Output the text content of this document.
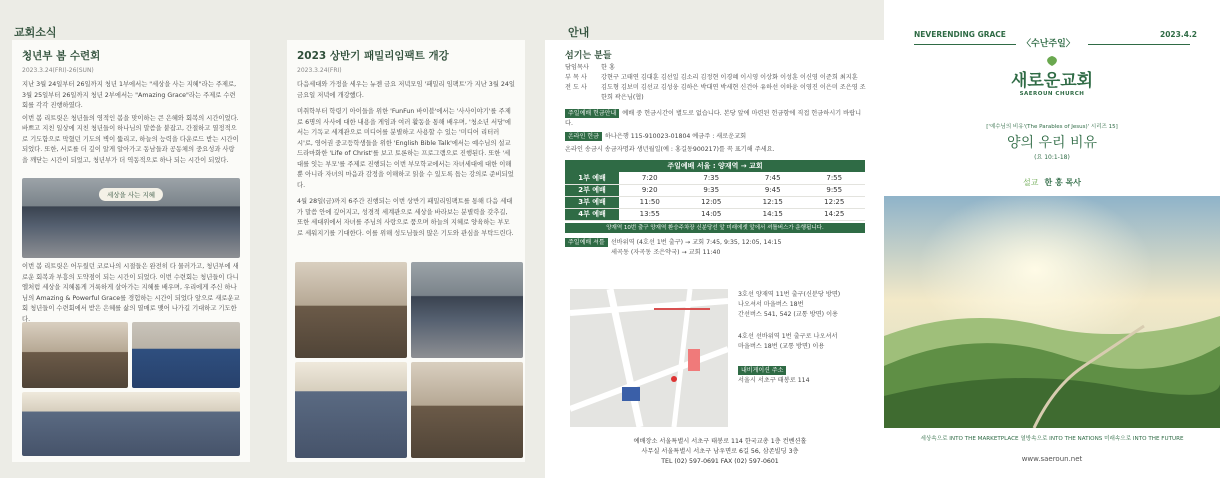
교회소식	안내
청년부 봄 수련회
2023.3.24(FRI)-26(SUN)

지난 3월 24일부터 26일까지 청년 1부에서는 "세상을 사는 지혜"라는 주제로, 3월 25일부터 26일까지 청년 2부에서는 "Amazing Grace"라는 주제로 수련회를 각각 진행하였다.

이번 봄 리트릿은 청년들의 영적인 봄을 맞이하는 큰 은혜와 회복의 시간이었다. 바쁘고 지친 일상에 지친 청년들이 하나님의 말씀을 붙잡고, 간절하고 열정적으로 기도함으로 막혔던 기도의 벽이 뚫리고, 하늘의 능력을 다운로드 받는 시간이 되었다. 또한, 서로를 더 깊이 알게 알아가고 동남들과 공동체의 중요성과 사랑을 깨닫는 시간이 되었고, 청년부가 더 역동적으로 하나 되는 시간이 되었다.

세상을 사는 지혜

이번 봄 리트릿은 어두웠던 코로나의 시절들은 완전히 다 물러가고, 청년부에 새로운 회복과 부흥의 도약점이 되는 시간이 되었다. 이번 수련회는 청년들이 다니엘처럼 세상을 지혜롭게 거룩하게 살아가는 지혜를 배우며, 우리에게 주신 하나님의 Amazing & Powerful Grace를 경험하는 시간이 되었다 앞으로 새로운교회 청년들이 수련회에서 받은 은혜를 삶의 열매로 맺어 나가길 기대하고 기도한다.

2023 상반기 패밀리임팩트 개강
2023.3.24(FRI)

다음세대와 가정을 세우는 뉴젠 금요 저녁모임 '패밀리 임팩트'가 지난 3월 24일 금요일 저녁에 개강했다.

미취학부터 학령기 아이들을 위한 'FunFun 바이블'에서는 '사사이야기'를 주제로 6명의 사사에 대한 내용을 게임과 여러 활동을 통해 배우며, '청소년 서당'에서는 기독교 세계관으로 미디어를 분별하고 사용할 수 있는 '미디어 리터러시'로, 영어권 중고등학생들을 위한 'English Bible Talk'에서는 예수님의 설교 드라마화한 'Life of Christ'를 보고 토론하는 프로그램으로 진행된다. 또한 '세대를 잇는 부모'를 주제로 진행되는 이번 부모학교에서는 자녀세대에 대한 이해뿐 아니라 자녀의 마음과 감정을 이해하고 읽을 수 있도록 돕는 강의로 준비되었다.

4월 28일(금)까지 6주간 진행되는 이번 상반기 패밀리임팩트를 통해 다음 세대가 말씀 안에 깊어지고, 성경적 세계관으로 세상을 바라보는 분별력을 갖추길, 또한 세대위에서 자녀를 주님의 사랑으로 품으며 하늘의 지혜로 양육하는 부모로 세워지기를 기대한다. 이를 위해 성도님들의 많은 기도와 관심을 부탁드린다.

섬기는 분들
담임목사	한 홍
부 목 사	강현구 고태연 김대훈 김선일 김소리 김정현 이경혜 이시영 이상화 이성훈 이신영 이준희 최지훈
전 도 사	김도형 김보미 김선교 김성웅 김하은 박대연 박세현 신건아 유하선 이하윤 이영진 이은미 조은영 조한희 곽은님(협)
주일예배 헌금안내 예배 중 헌금시간이 별도로 없습니다. 본당 앞에 마련된 헌금함에 직접 헌금하시기 바랍니다.
온라인 헌금 하나은행 115-910023-01804 예금주 : 새로운교회
온라인 송금시 송금자명과 생년월일(예 : 홍길동900217)를 꼭 표기해 주세요.
주일예배 서울 : 양재역 → 교회				
1부 예배	7:20	7:35	7:45	7:55
2부 예배	9:20	9:35	9:45	9:55
3부 예배	11:50	12:05	12:15	12:25
4부 예배	13:55	14:05	14:15	14:25
양재역 10번 출구 양재역 환승주차장 신분당선 앞 미래에셋 앞에서 셔틀버스가 운행됩니다.
주일예배 셔틀 선바위역 (4호선 1번 출구) → 교회 7:45, 9:35, 12:05, 14:15
세곡동 (자곡동 조은약국) → 교회 11:40
3호선 양재역 11번 출구(신분당 방면)
나오셔서 마을버스 18번
간선버스 541, 542 (교통 방면) 이용
4호선 선바위역 1번 출구로 나오셔서
마을버스 18번 (교통 방면) 이용
내비게이션 주소
서울시 서초구 태봉로 114
예배장소 서울특별시 서초구 태봉로 114 한국교총 1층 컨벤션홀
사무실 서울특별시 서초구 남우면로 6길 56, 삼존빌딩 3층
TEL (02) 597-0691 FAX (02) 597-0601
NEVERENDING GRACE
〈수난주일〉
2023.4.2
새로운교회
SAEROUN CHURCH
['예수님의 비유'(The Parables of Jesus)' 시리즈 15]
양의 우리 비유
(요 10:1-18)
설교 한 홍 목사
세상속으로 INTO THE MARKETPLACE 열방속으로 INTO THE NATIONS 미래속으로 INTO THE FUTURE
www.saeroun.net
